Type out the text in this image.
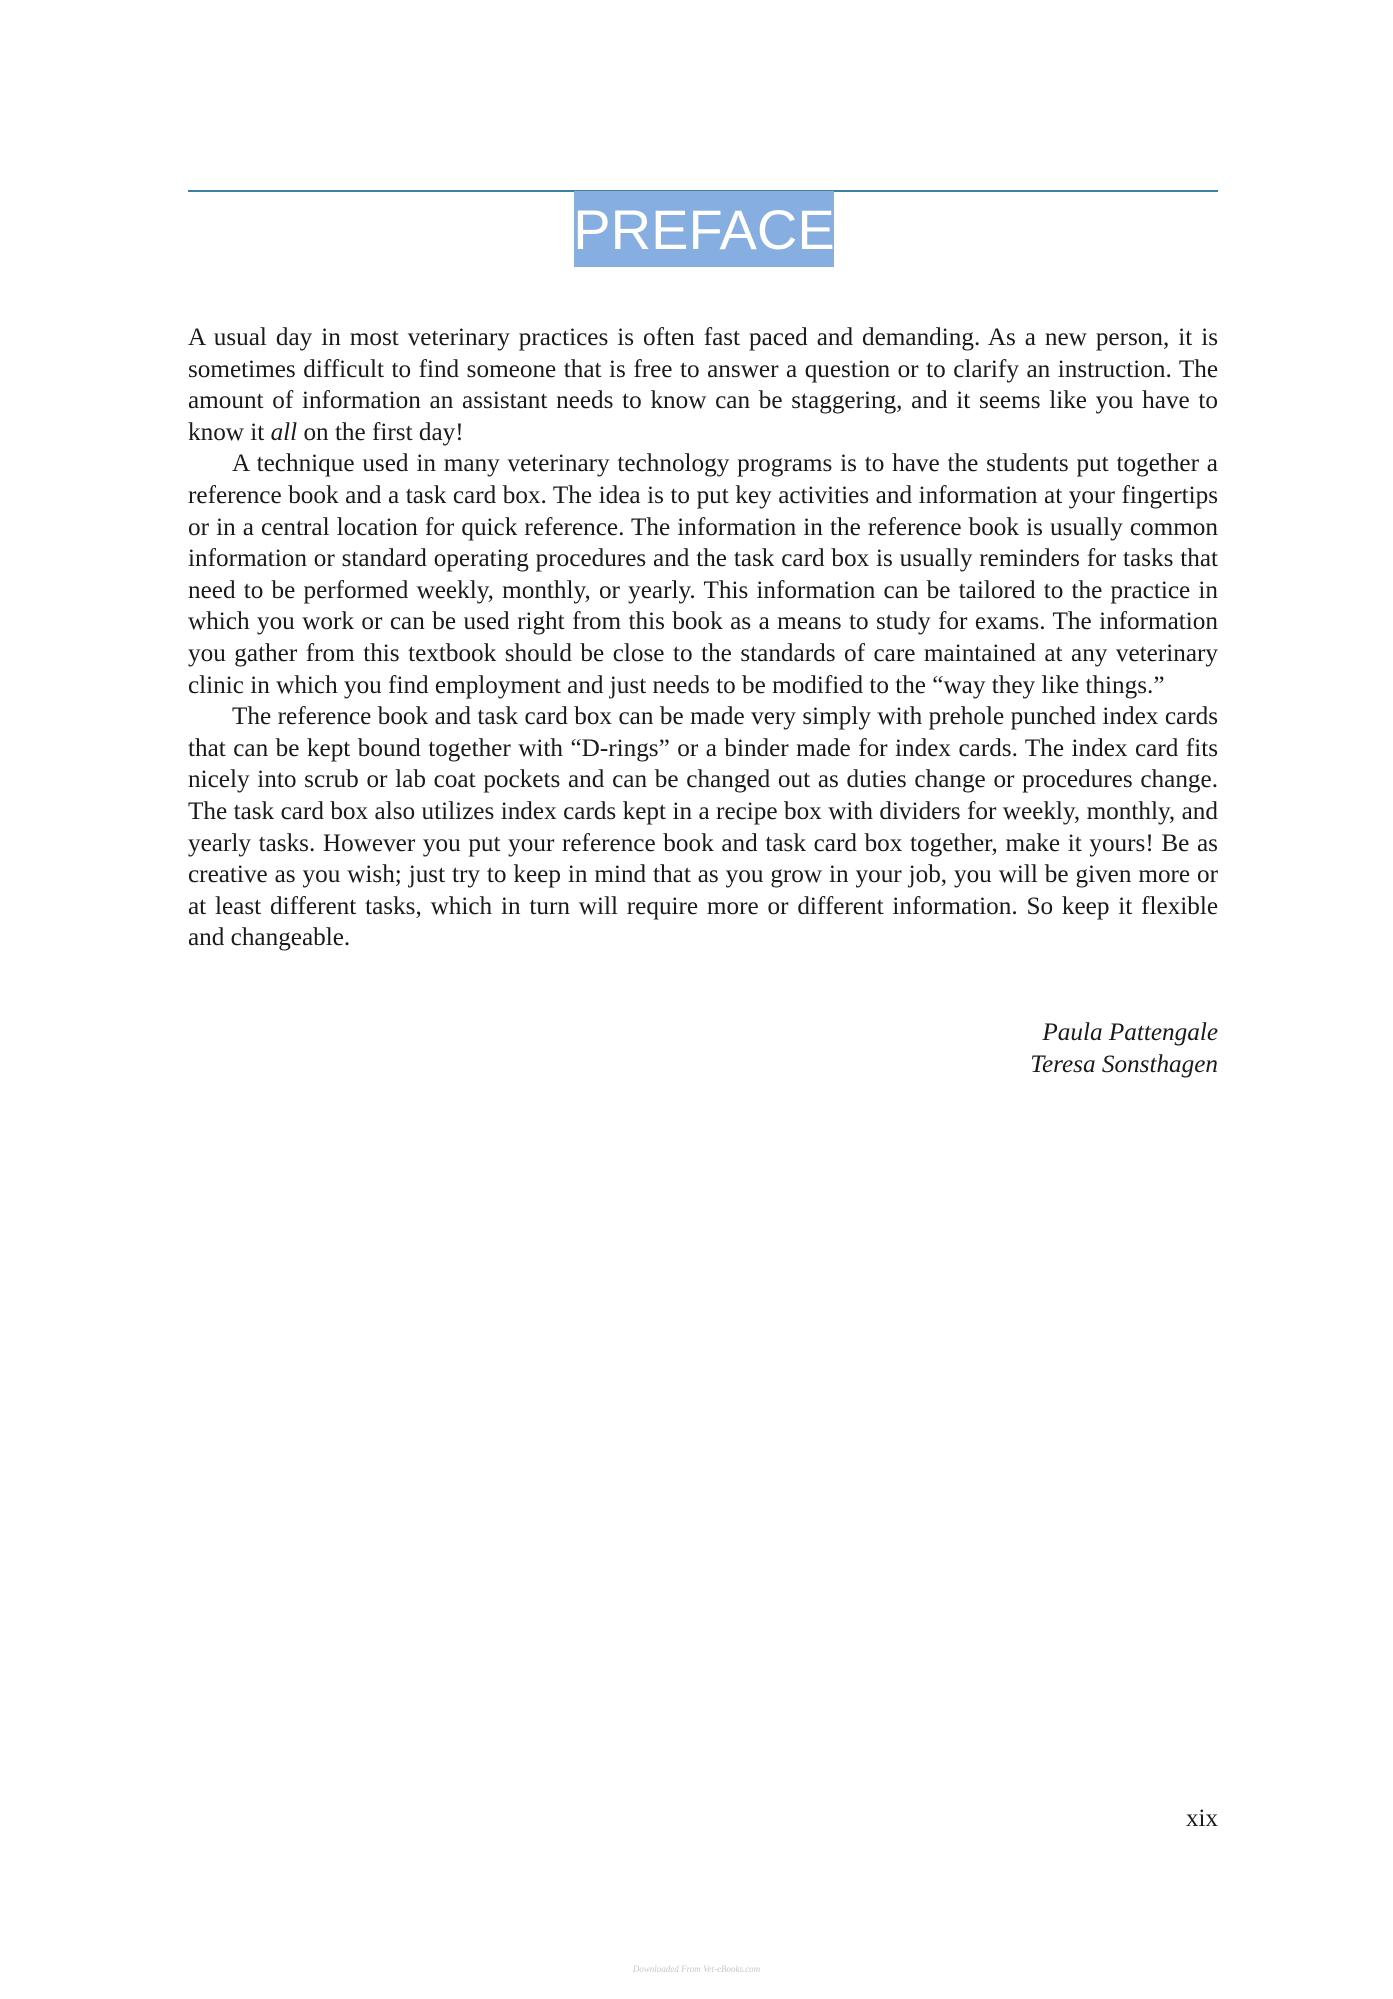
PREFACE

A usual day in most veterinary practices is often fast paced and demanding. As a new person, it is sometimes difficult to find someone that is free to answer a question or to clarify an instruction. The amount of information an assistant needs to know can be staggering, and it seems like you have to know it all on the first day!

A technique used in many veterinary technology programs is to have the students put together a reference book and a task card box. The idea is to put key activities and information at your fingertips or in a central location for quick reference. The information in the reference book is usually common information or standard operating procedures and the task card box is usually reminders for tasks that need to be performed weekly, monthly, or yearly. This information can be tailored to the practice in which you work or can be used right from this book as a means to study for exams. The information you gather from this textbook should be close to the standards of care maintained at any veterinary clinic in which you find employment and just needs to be modified to the “way they like things.”

The reference book and task card box can be made very simply with prehole punched index cards that can be kept bound together with “D-rings” or a binder made for index cards. The index card fits nicely into scrub or lab coat pockets and can be changed out as duties change or procedures change. The task card box also utilizes index cards kept in a recipe box with dividers for weekly, monthly, and yearly tasks. However you put your reference book and task card box together, make it yours! Be as creative as you wish; just try to keep in mind that as you grow in your job, you will be given more or at least different tasks, which in turn will require more or different information. So keep it flexible and changeable.

Paula Pattengale
Teresa Sonsthagen
xix
Downloaded From Vet-eBooks.com
